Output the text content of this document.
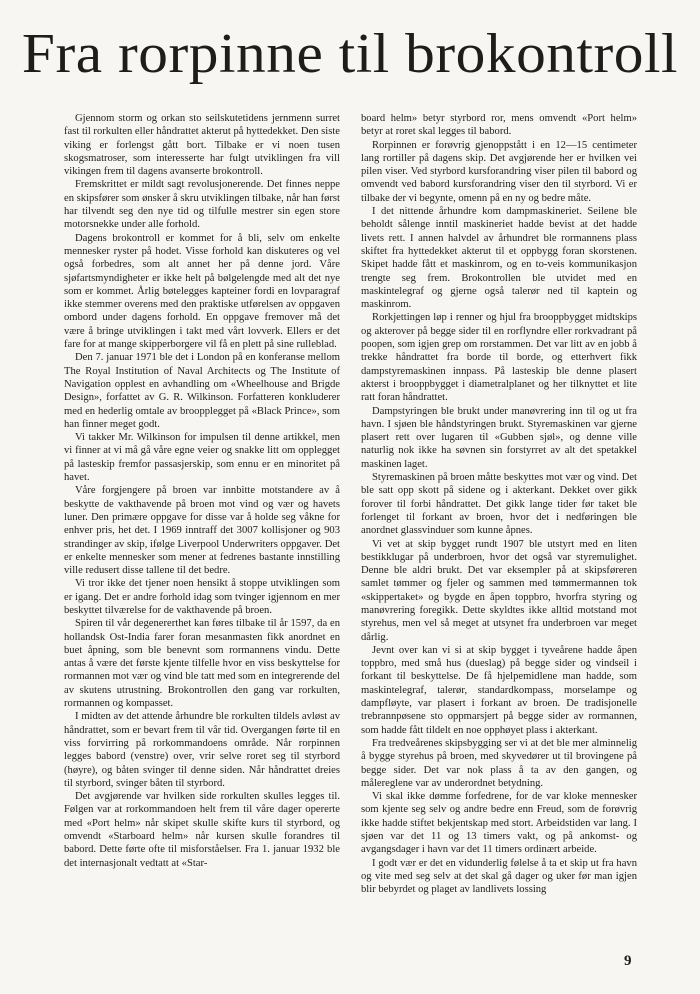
Fra rorpinne til brokontroll

Gjennom storm og orkan sto seilskutetidens jernmenn surret fast til rorkulten eller håndrattet akterut på hyttedekket. Den siste viking er forlengst gått bort. Tilbake er vi noen tusen skogsmatroser, som interesserte har fulgt utviklingen fra vill vikingen frem til dagens avanserte brokontroll.

Fremskrittet er mildt sagt revolusjonerende. Det finnes neppe en skipsfører som ønsker å skru utviklingen tilbake, når han først har tilvendt seg den nye tid og tilfulle mestrer sin egen store motorsnekke under alle forhold.

Dagens brokontroll er kommet for å bli, selv om enkelte mennesker ryster på hodet. Visse forhold kan diskuteres og vel også forbedres, som alt annet her på denne jord. Våre sjøfartsmyndigheter er ikke helt på bølgelengde med alt det nye som er kommet. Årlig bøtelegges kapteiner fordi en lovparagraf ikke stemmer overens med den praktiske utførelsen av oppgaven ombord under dagens forhold. En oppgave fremover må det være å bringe utviklingen i takt med vårt lovverk. Ellers er det fare for at mange skipperborgere vil få en plett på sine rulleblad.

Den 7. januar 1971 ble det i London på en konferanse mellom The Royal Institution of Naval Architects og The Institute of Navigation opplest en avhandling om «Wheelhouse and Brigde Design», forfattet av G. R. Wilkinson. Forfatteren konkluderer med en hederlig omtale av broopplegget på «Black Prince», som han finner meget godt.

Vi takker Mr. Wilkinson for impulsen til denne artikkel, men vi finner at vi må gå våre egne veier og snakke litt om opplegget på lasteskip fremfor passasjerskip, som ennu er en minoritet på havet.

Våre forgjengere på broen var innbitte motstandere av å beskytte de vakthavende på broen mot vind og vær og havets luner. Den primære oppgave for disse var å holde seg våkne for enhver pris, het det. I 1969 inntraff det 3007 kollisjoner og 903 strandinger av skip, ifølge Liverpool Underwriters oppgaver. Det er enkelte mennesker som mener at fedrenes bastante innstilling ville redusert disse tallene til det bedre.

Vi tror ikke det tjener noen hensikt å stoppe utviklingen som er igang. Det er andre forhold idag som tvinger igjennom en mer beskyttet tilværelse for de vakthavende på broen.

Spiren til vår degenererthet kan føres tilbake til år 1597, da en hollandsk Ost-India farer foran mesanmasten fikk anordnet en buet åpning, som ble benevnt som rormannens vindu. Dette antas å være det første kjente tilfelle hvor en viss beskyttelse for rormannen mot vær og vind ble tatt med som en integrerende del av skutens utrustning. Brokontrollen den gang var rorkulten, rormannen og kompasset.

I midten av det attende århundre ble rorkulten tildels avløst av håndrattet, som er bevart frem til vår tid. Overgangen førte til en viss forvirring på rorkommandoens område. Når rorpinnen legges babord (venstre) over, vrir selve roret seg til styrbord (høyre), og båten svinger til denne siden. Når håndrattet dreies til styrbord, svinger båten til styrbord.

Det avgjørende var hvilken side rorkulten skulles legges til. Følgen var at rorkommandoen helt frem til våre dager opererte med «Port helm» når skipet skulle skifte kurs til styrbord, og omvendt «Starboard helm» når kursen skulle forandres til babord. Dette førte ofte til misforståelser. Fra 1. januar 1932 ble det internasjonalt vedtatt at «Star-

board helm» betyr styrbord ror, mens omvendt «Port helm» betyr at roret skal legges til babord.

Rorpinnen er forøvrig gjenoppstått i en 12—15 centimeter lang rortiller på dagens skip. Det avgjørende her er hvilken vei pilen viser. Ved styrbord kursforandring viser pilen til babord og omvendt ved babord kursforandring viser den til styrbord. Vi er tilbake der vi begynte, omenn på en ny og bedre måte.

I det nittende århundre kom dampmaskineriet. Seilene ble beholdt sålenge inntil maskineriet hadde bevist at det hadde livets rett. I annen halvdel av århundret ble rormannens plass skiftet fra hyttedekket akterut til et oppbygg foran skorstenen. Skipet hadde fått et maskinrom, og en to-veis kommunikasjon trengte seg frem. Brokontrollen ble utvidet med en maskintelegraf og gjerne også talerør ned til kaptein og maskinrom.

Rorkjettingen løp i renner og hjul fra brooppbygget midtskips og akterover på begge sider til en rorflyndre eller rorkvadrant på poopen, som igjen grep om rorstammen. Det var litt av en jobb å trekke håndrattet fra borde til borde, og etterhvert fikk dampstyremaskinen innpass. På lasteskip ble denne plasert akterst i brooppbygget i diametralplanet og her tilknyttet et lite ratt foran håndrattet.

Dampstyringen ble brukt under manøvrering inn til og ut fra havn. I sjøen ble håndstyringen brukt. Styremaskinen var gjerne plasert rett over lugaren til «Gubben sjøl», og denne ville naturlig nok ikke ha søvnen sin forstyrret av alt det spetakkel maskinen laget.

Styremaskinen på broen måtte beskyttes mot vær og vind. Det ble satt opp skott på sidene og i akterkant. Dekket over gikk forover til forbi håndrattet. Det gikk lange tider før taket ble forlenget til forkant av broen, hvor det i nedføringen ble anordnet glassvinduer som kunne åpnes.

Vi vet at skip bygget rundt 1907 ble utstyrt med en liten bestikklugar på underbroen, hvor det også var styremulighet. Denne ble aldri brukt. Det var eksempler på at skipsføreren samlet tømmer og fjeler og sammen med tømmermannen tok «skippertaket» og bygde en åpen toppbro, hvorfra styring og manøvrering foregikk. Dette skyldtes ikke alltid motstand mot styrehus, men vel så meget at utsynet fra underbroen var meget dårlig.

Jevnt over kan vi si at skip bygget i tyveårene hadde åpen toppbro, med små hus (dueslag) på begge sider og vindseil i forkant til beskyttelse. De få hjelpemidlene man hadde, som maskintelegraf, talerør, standardkompass, morselampe og dampfløyte, var plasert i forkant av broen. De tradisjonelle trebrannpøsene sto oppmarsjert på begge sider av rormannen, som hadde fått tildelt en noe opphøyet plass i akterkant.

Fra tredveårenes skipsbygging ser vi at det ble mer alminnelig å bygge styrehus på broen, med skyvedører ut til brovingene på begge sider. Det var nok plass å ta av den gangen, og målereglene var av underordnet betydning.

Vi skal ikke dømme forfedrene, for de var kloke mennesker som kjente seg selv og andre bedre enn Freud, som de forøvrig ikke hadde stiftet bekjentskap med stort. Arbeidstiden var lang. I sjøen var det 11 og 13 timers vakt, og på ankomst- og avgangsdager i havn var det 11 timers ordinært arbeide.

I godt vær er det en vidunderlig følelse å ta et skip ut fra havn og vite med seg selv at det skal gå dager og uker før man igjen blir bebyrdet og plaget av landlivets lossing

9
